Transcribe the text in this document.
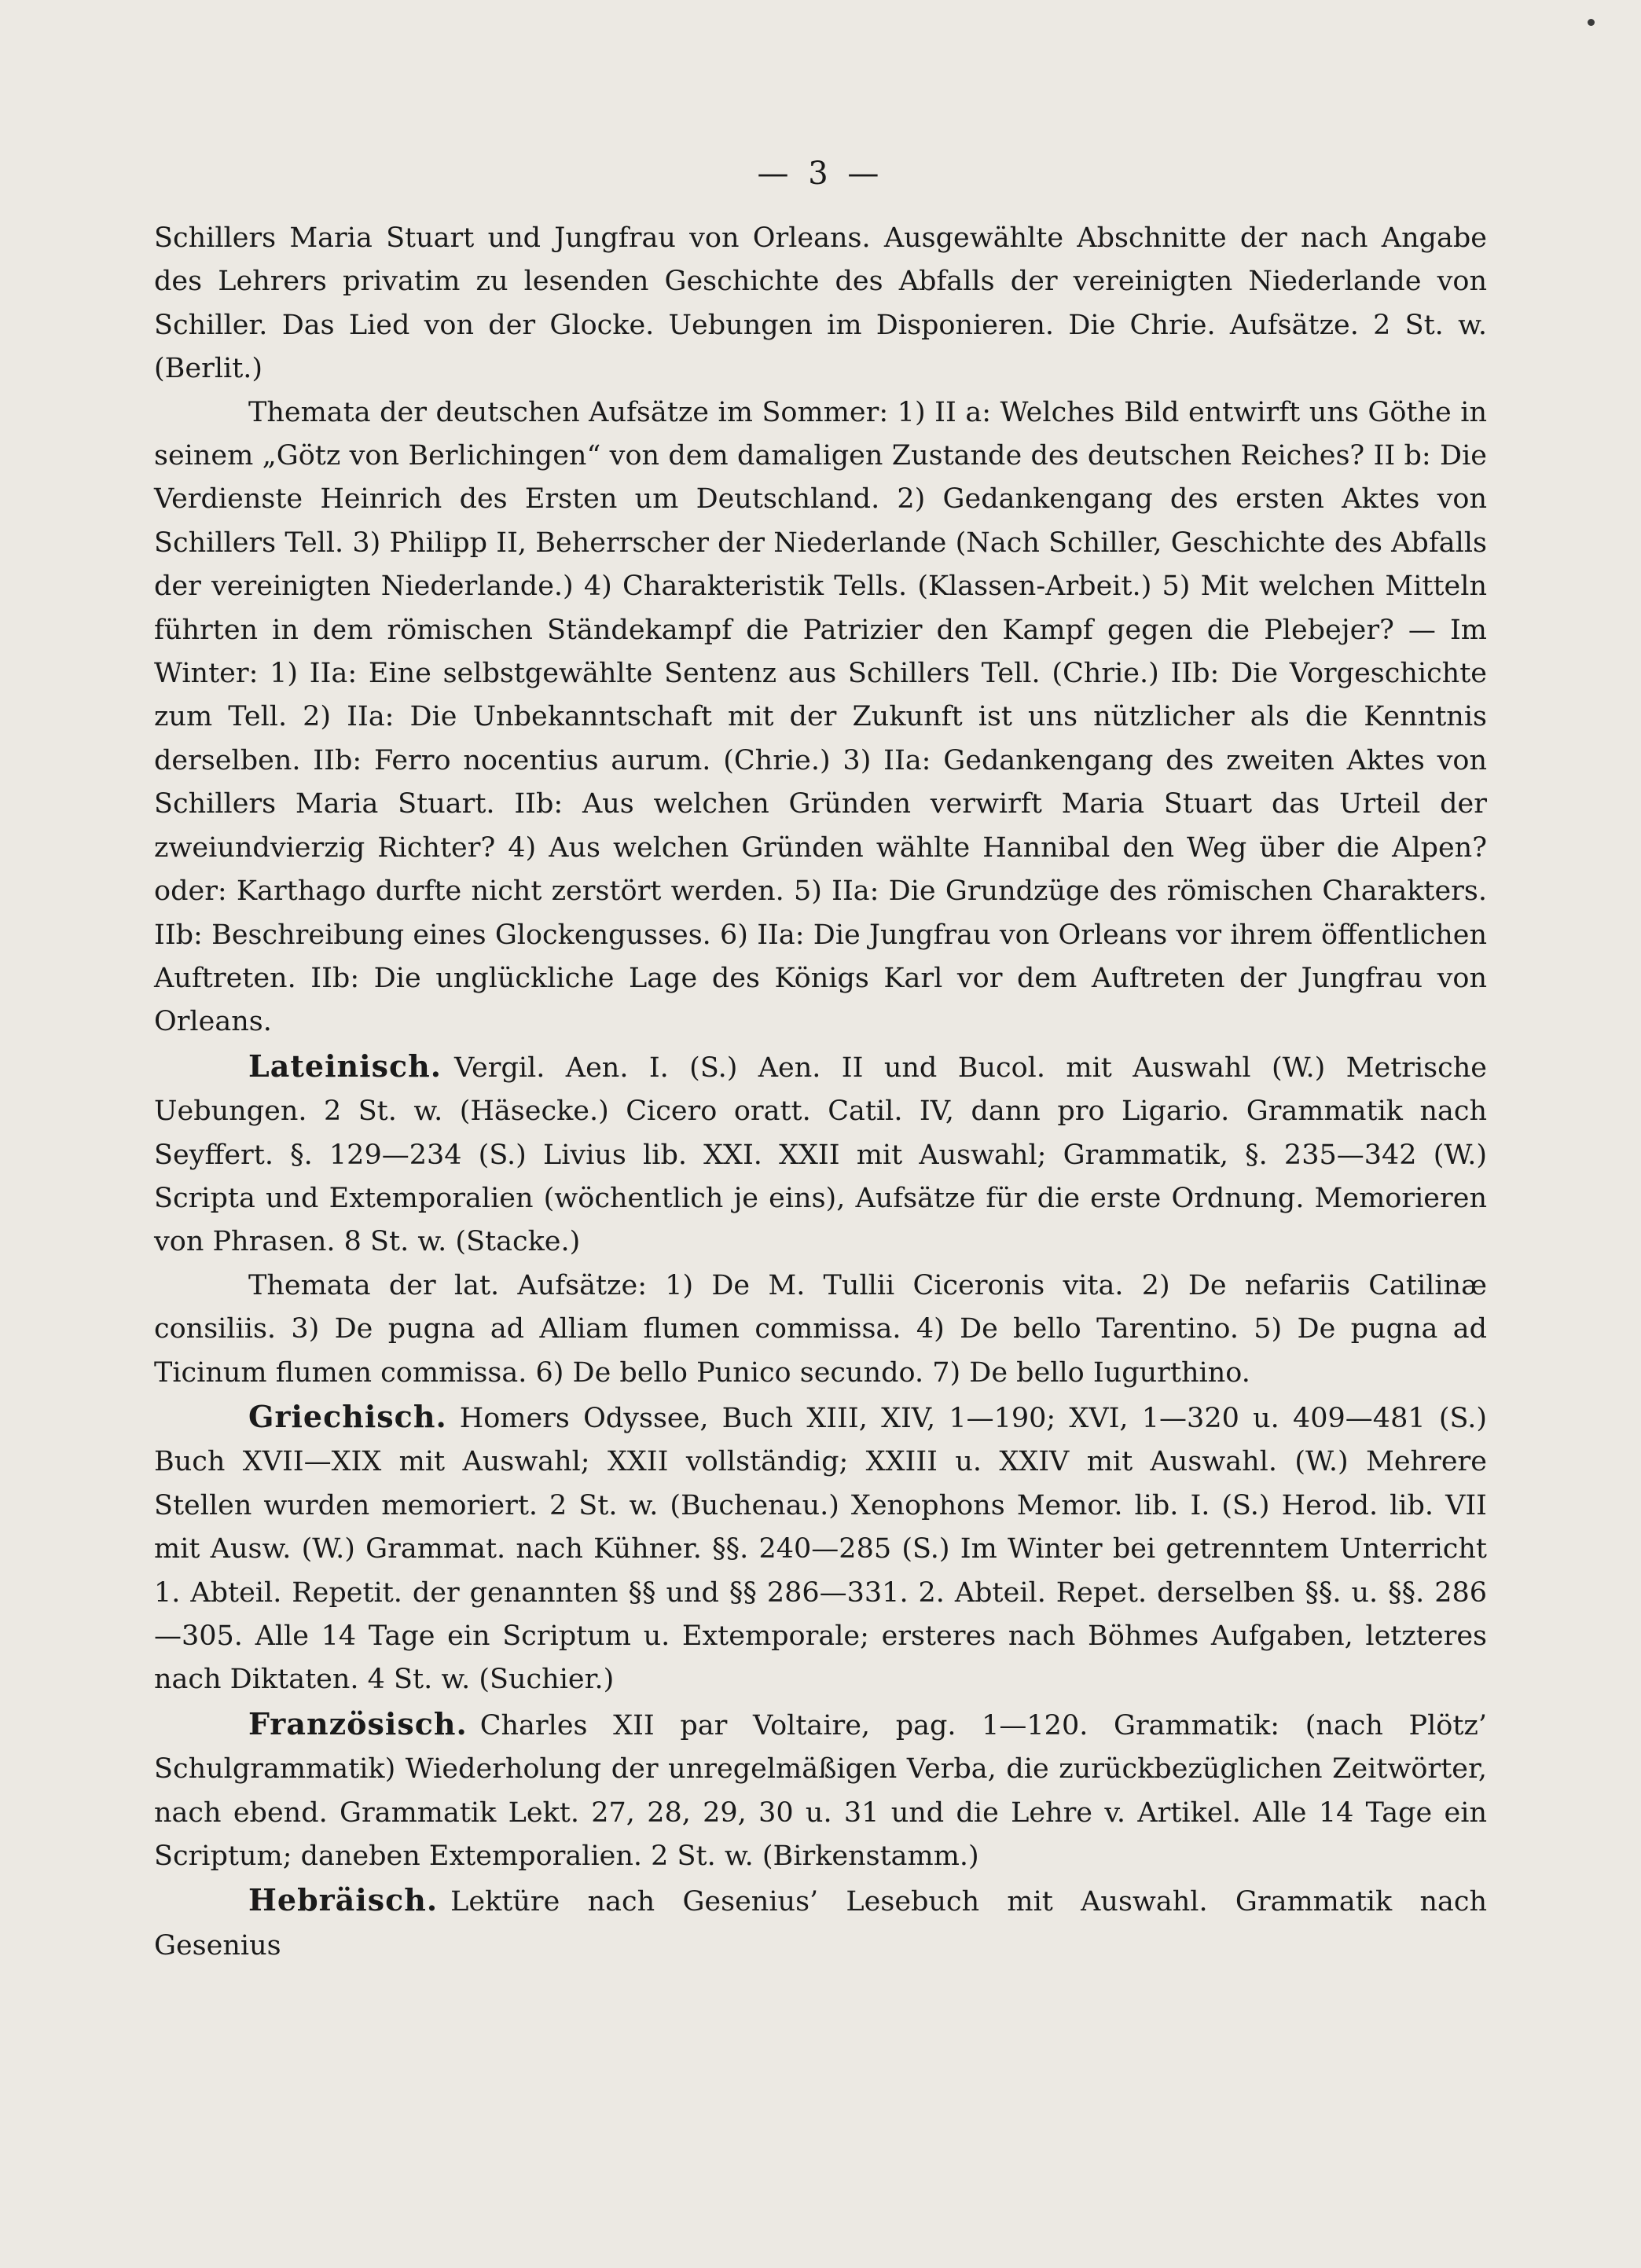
— 3 —

Schillers Maria Stuart und Jungfrau von Orleans. Ausgewählte Abschnitte der nach Angabe des Lehrers privatim zu lesenden Geschichte des Abfalls der vereinigten Niederlande von Schiller. Das Lied von der Glocke. Uebungen im Disponieren. Die Chrie. Aufsätze. 2 St. w. (Berlit.)

Themata der deutschen Aufsätze im Sommer: 1) II a: Welches Bild entwirft uns Göthe in seinem „Götz von Berlichingen“ von dem damaligen Zustande des deutschen Reiches? II b: Die Verdienste Heinrich des Ersten um Deutschland. 2) Gedankengang des ersten Aktes von Schillers Tell. 3) Philipp II, Beherrscher der Niederlande (Nach Schiller, Geschichte des Abfalls der vereinigten Niederlande.) 4) Charakteristik Tells. (Klassen-Arbeit.) 5) Mit welchen Mitteln führten in dem römischen Ständekampf die Patrizier den Kampf gegen die Plebejer? — Im Winter: 1) IIa: Eine selbstgewählte Sentenz aus Schillers Tell. (Chrie.) IIb: Die Vorgeschichte zum Tell. 2) IIa: Die Unbekanntschaft mit der Zukunft ist uns nützlicher als die Kenntnis derselben. IIb: Ferro nocentius aurum. (Chrie.) 3) IIa: Gedankengang des zweiten Aktes von Schillers Maria Stuart. IIb: Aus welchen Gründen verwirft Maria Stuart das Urteil der zweiundvierzig Richter? 4) Aus welchen Gründen wählte Hannibal den Weg über die Alpen? oder: Karthago durfte nicht zerstört werden. 5) IIa: Die Grundzüge des römischen Charakters. IIb: Beschreibung eines Glockengusses. 6) IIa: Die Jungfrau von Orleans vor ihrem öffentlichen Auftreten. IIb: Die unglückliche Lage des Königs Karl vor dem Auftreten der Jungfrau von Orleans.

Lateinisch. Vergil. Aen. I. (S.) Aen. II und Bucol. mit Auswahl (W.) Metrische Uebungen. 2 St. w. (Häsecke.) Cicero oratt. Catil. IV, dann pro Ligario. Grammatik nach Seyffert. §. 129—234 (S.) Livius lib. XXI. XXII mit Auswahl; Grammatik, §. 235—342 (W.) Scripta und Extemporalien (wöchentlich je eins), Aufsätze für die erste Ordnung. Memorieren von Phrasen. 8 St. w. (Stacke.)

Themata der lat. Aufsätze: 1) De M. Tullii Ciceronis vita. 2) De nefariis Catilinæ consiliis. 3) De pugna ad Alliam flumen commissa. 4) De bello Tarentino. 5) De pugna ad Ticinum flumen commissa. 6) De bello Punico secundo. 7) De bello Iugurthino.

Griechisch. Homers Odyssee, Buch XIII, XIV, 1—190; XVI, 1—320 u. 409—481 (S.) Buch XVII—XIX mit Auswahl; XXII vollständig; XXIII u. XXIV mit Auswahl. (W.) Mehrere Stellen wurden memoriert. 2 St. w. (Buchenau.) Xenophons Memor. lib. I. (S.) Herod. lib. VII mit Ausw. (W.) Grammat. nach Kühner. §§. 240—285 (S.) Im Winter bei getrenntem Unterricht 1. Abteil. Repetit. der genannten §§ und §§ 286—331. 2. Abteil. Repet. derselben §§. u. §§. 286—305. Alle 14 Tage ein Scriptum u. Extemporale; ersteres nach Böhmes Aufgaben, letzteres nach Diktaten. 4 St. w. (Suchier.)

Französisch. Charles XII par Voltaire, pag. 1—120. Grammatik: (nach Plötz’ Schulgrammatik) Wiederholung der unregelmäßigen Verba, die zurückbezüglichen Zeitwörter, nach ebend. Grammatik Lekt. 27, 28, 29, 30 u. 31 und die Lehre v. Artikel. Alle 14 Tage ein Scriptum; daneben Extemporalien. 2 St. w. (Birkenstamm.)

Hebräisch. Lektüre nach Gesenius’ Lesebuch mit Auswahl. Grammatik nach Gesenius
